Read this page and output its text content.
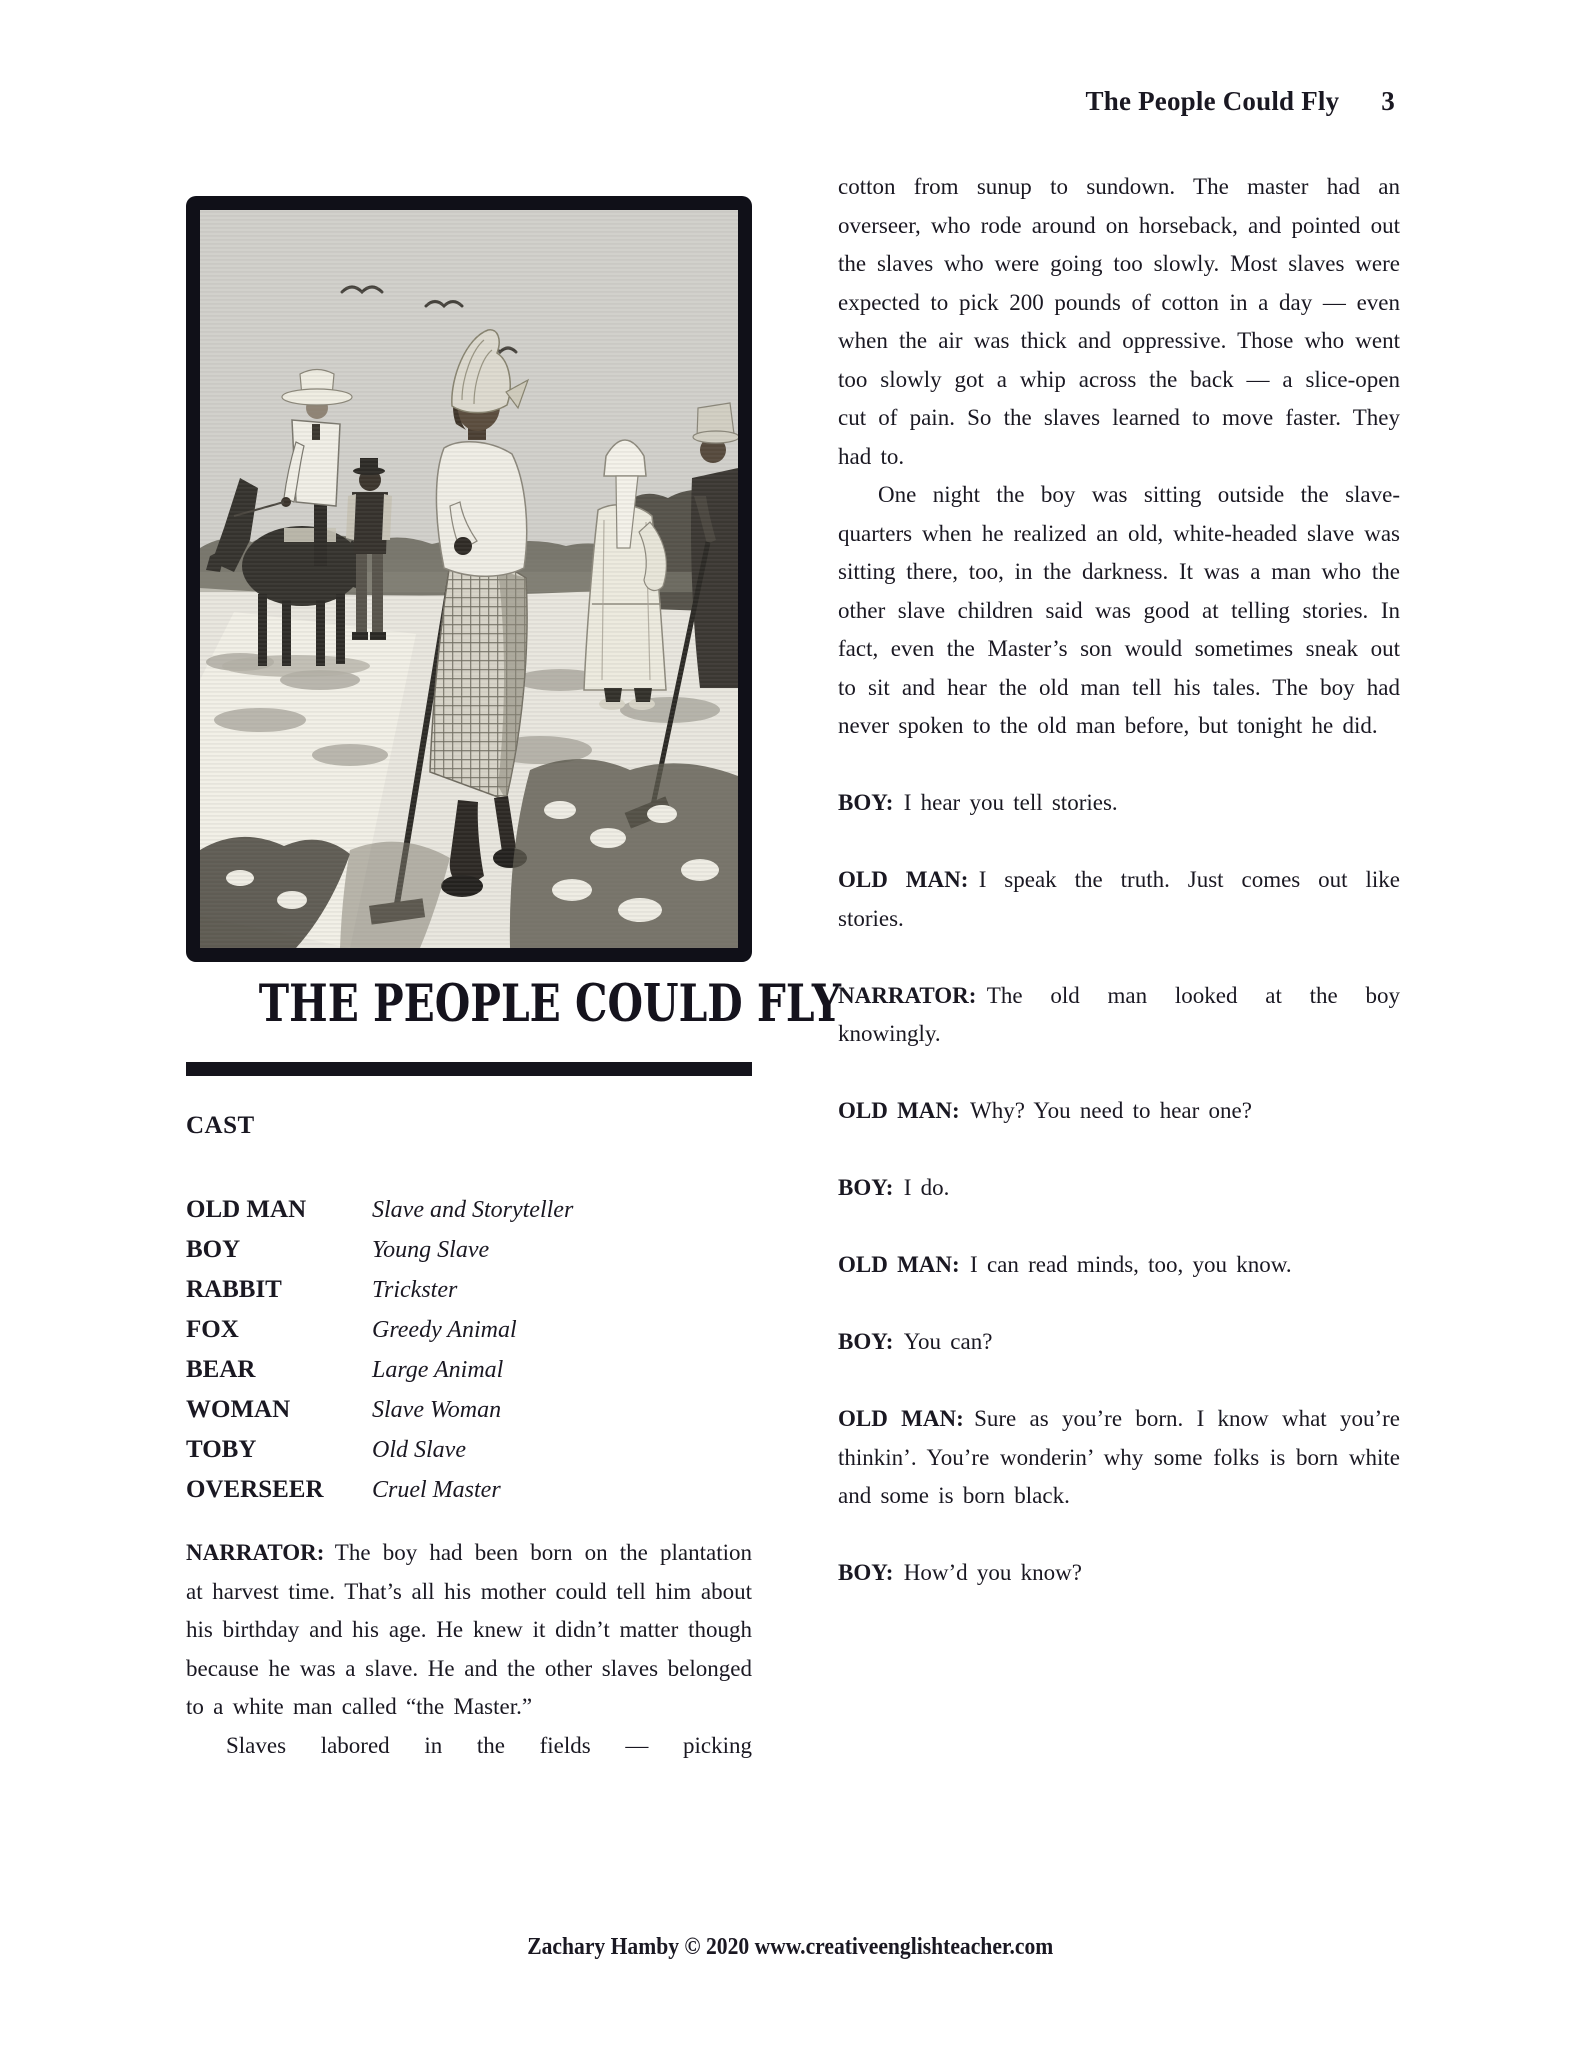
The People Could Fly 3
THE PEOPLE COULD FLY
CAST
OLD MAN	Slave and Storyteller
BOY	Young Slave
RABBIT	Trickster
FOX	Greedy Animal
BEAR	Large Animal
WOMAN	Slave Woman
TOBY	Old Slave
OVERSEER	Cruel Master

NARRATOR: The boy had been born on the plantation at harvest time. That’s all his mother could tell him about his birthday and his age. He knew it didn’t matter though because he was a slave. He and the other slaves belonged to a white man called “the Master.”

Slaves labored in the fields — picking

cotton from sunup to sundown. The master had an overseer, who rode around on horseback, and pointed out the slaves who were going too slowly. Most slaves were expected to pick 200 pounds of cotton in a day — even when the air was thick and oppressive. Those who went too slowly got a whip across the back — a slice-open cut of pain. So the slaves learned to move faster. They had to.

One night the boy was sitting outside the slave-quarters when he realized an old, white-headed slave was sitting there, too, in the darkness. It was a man who the other slave children said was good at telling stories. In fact, even the Master’s son would sometimes sneak out to sit and hear the old man tell his tales. The boy had never spoken to the old man before, but tonight he did.

BOY: I hear you tell stories.

OLD MAN: I speak the truth. Just comes out like stories.

NARRATOR: The old man looked at the boy knowingly.

OLD MAN: Why? You need to hear one?

BOY: I do.

OLD MAN: I can read minds, too, you know.

BOY: You can?

OLD MAN: Sure as you’re born. I know what you’re thinkin’. You’re wonderin’ why some folks is born white and some is born black.

BOY: How’d you know?

Zachary Hamby © 2020 www.creativeenglishteacher.com
